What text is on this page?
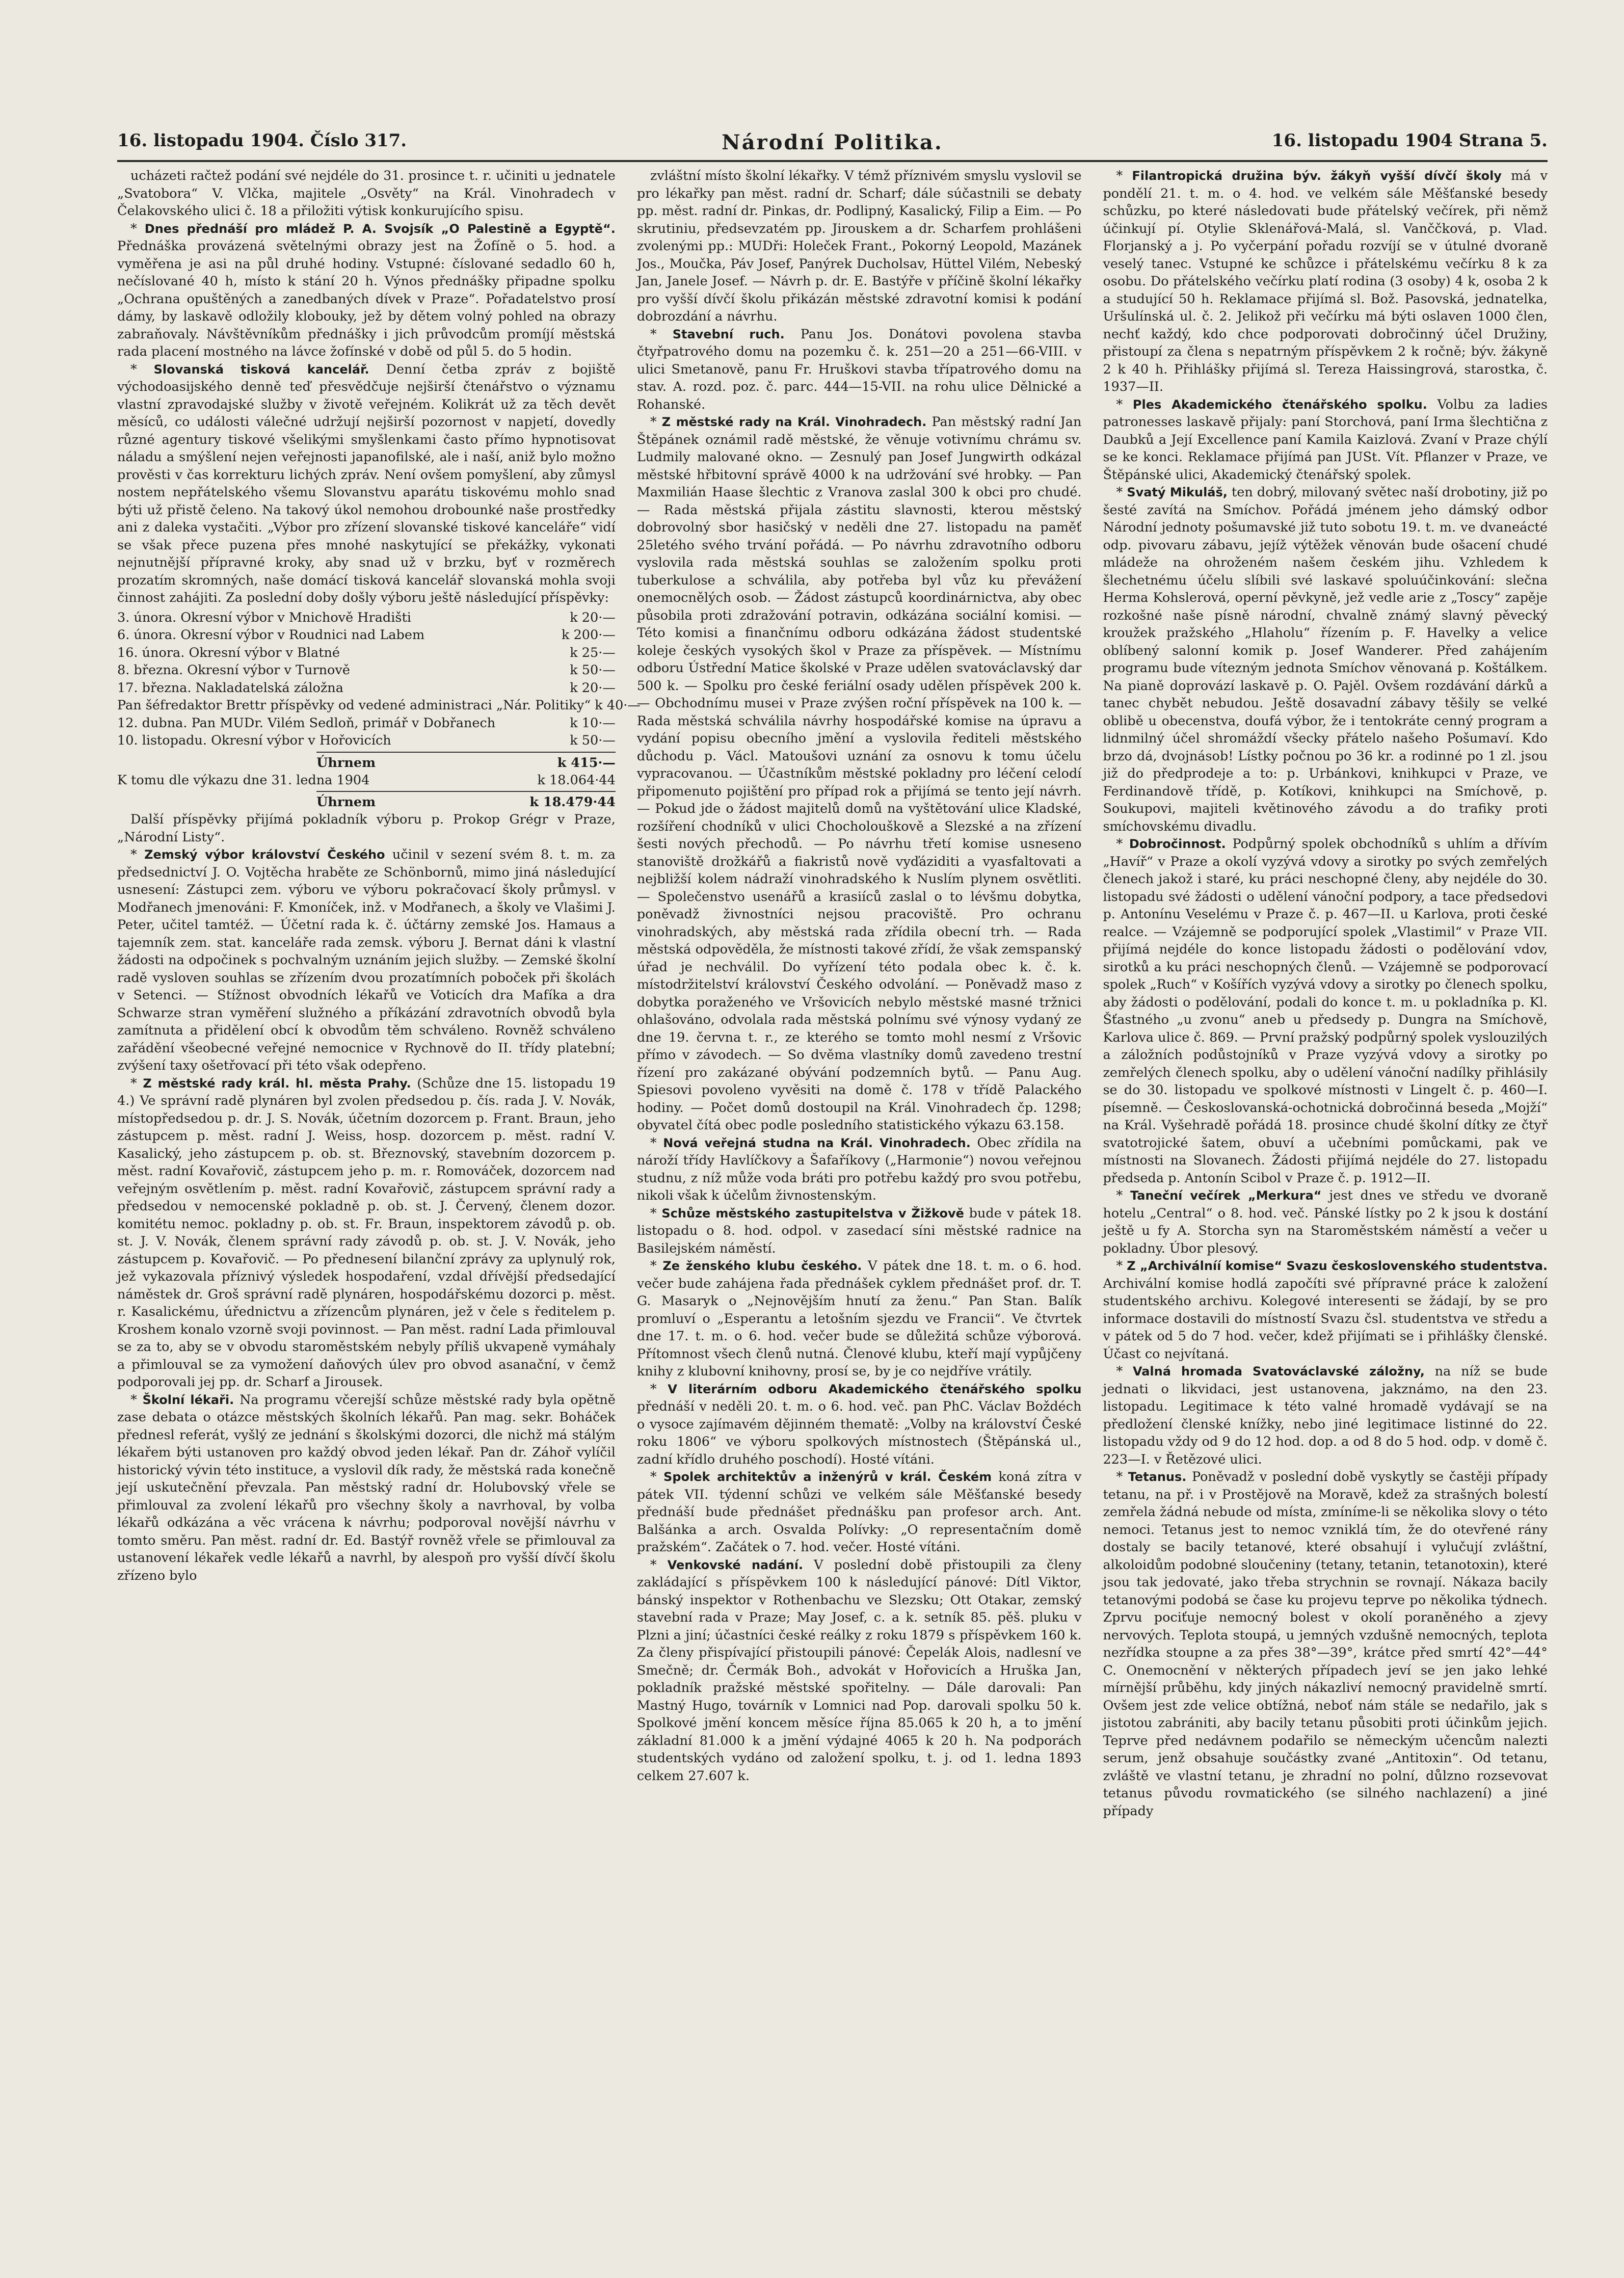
16. listopadu 1904. Číslo 317.	Národní Politika.	16. listopadu 1904 Strana 5.

ucházeti račtež podání své nejdéle do 31. prosince t. r. učiniti u jednatele „Svatobora“ V. Vlčka, majitele „Osvěty“ na Král. Vinohradech v Čelakovského ulici č. 18 a přiložiti výtisk konkurujícího spisu.

* Dnes přednáší pro mládež P. A. Svojsík „O Palestině a Egyptě“. Přednáška provázená světelnými obrazy jest na Žofíně o 5. hod. a vyměřena je asi na půl druhé hodiny. Vstupné: číslované sedadlo 60 h, nečíslované 40 h, místo k stání 20 h. Výnos přednášky připadne spolku „Ochrana opuštěných a zanedbaných dívek v Praze“. Pořadatelstvo prosí dámy, by laskavě odložily klobouky, jež by dětem volný pohled na obrazy zabraňovaly. Návštěvníkům přednášky i jich průvodcům promíjí městská rada placení mostného na lávce žofínské v době od půl 5. do 5 hodin.

* Slovanská tisková kancelář. Denní četba zpráv z bojiště východoasijského denně teď přesvědčuje nejširší čtenářstvo o významu vlastní zpravodajské služby v životě veřejném. Kolikrát už za těch devět měsíců, co události válečné udržují nejširší pozornost v napjetí, dovedly různé agentury tiskové všelikými smyšlenkami často přímo hypnotisovat náladu a smýšlení nejen veřejnosti japanofilské, ale i naší, aniž bylo možno prověsti v čas korrekturu lichých zpráv. Není ovšem pomyšlení, aby zůmysl nostem nepřátelského všemu Slovanstvu aparátu tiskovému mohlo snad býti už přistě čeleno. Na takový úkol nemohou drobounké naše prostředky ani z daleka vystačiti. „Výbor pro zřízení slovanské tiskové kanceláře“ vidí se však přece puzena přes mnohé naskytující se překážky, vykonati nejnutnější přípravné kroky, aby snad už v brzku, byť v rozměrech prozatím skromných, naše domácí tisková kancelář slovanská mohla svoji činnost zahájiti. Za poslední doby došly výboru ještě následující příspěvky:

3. února. Okresní výbor v Mnichově Hradišti	k 20·—
6. února. Okresní výbor v Roudnici nad Labem	k 200·—
16. února. Okresní výbor v Blatné	k 25·—
8. března. Okresní výbor v Turnově	k 50·—
17. března. Nakladatelská záložna	k 20·—
Pan šéfredaktor Brettr příspěvky od vedené administraci „Nár. Politiky“ k 40·—
12. dubna. Pan MUDr. Vilém Sedloň, primář v Dobřanech	k 10·—
10. listopadu. Okresní výbor v Hořovicích	k 50·—
Úhrnem	k 415·—
K tomu dle výkazu dne 31. ledna 1904	k 18.064·44
Úhrnem	k 18.479·44

Další příspěvky přijímá pokladník výboru p. Prokop Grégr v Praze, „Národní Listy“.

* Zemský výbor království Českého učinil v sezení svém 8. t. m. za předsednictví J. O. Vojtěcha hraběte ze Schönbornů, mimo jiná následující usnesení: Zástupci zem. výboru ve výboru pokračovací školy průmysl. v Modřanech jmenováni: F. Kmoníček, inž. v Modřanech, a školy ve Vlašimi J. Peter, učitel tamtéž. — Účetní rada k. č. účtárny zemské Jos. Hamaus a tajemník zem. stat. kanceláře rada zemsk. výboru J. Bernat dáni k vlastní žádosti na odpočinek s pochvalným uznáním jejich služby. — Zemské školní radě vysloven souhlas se zřízením dvou prozatímních poboček při školách v Setenci. — Stížnost obvodních lékařů ve Voticích dra Mafíka a dra Schwarze stran vyměření služného a příkázání zdravotních obvodů byla zamítnuta a přidělení obcí k obvodům těm schváleno. Rovněž schváleno zařádění všeobecné veřejné nemocnice v Rychnově do II. třídy platební; zvýšení taxy ošetřovací při této však odepřeno.

* Z městské rady král. hl. města Prahy. (Schůze dne 15. listopadu 19 4.) Ve správní radě plynáren byl zvolen předsedou p. čís. rada J. V. Novák, místopředsedou p. dr. J. S. Novák, účetním dozorcem p. Frant. Braun, jeho zástupcem p. měst. radní J. Weiss, hosp. dozorcem p. měst. radní V. Kasalický, jeho zástupcem p. ob. st. Březnovský, stavebním dozorcem p. měst. radní Kovařovič, zástupcem jeho p. m. r. Romováček, dozorcem nad veřejným osvětlením p. měst. radní Kovařovič, zástupcem správní rady a předsedou v nemocenské pokladně p. ob. st. J. Červený, členem dozor. komitétu nemoc. pokladny p. ob. st. Fr. Braun, inspektorem závodů p. ob. st. J. V. Novák, členem správní rady závodů p. ob. st. J. V. Novák, jeho zástupcem p. Kovařovič. — Po přednesení bilanční zprávy za uplynulý rok, jež vykazovala příznivý výsledek hospodaření, vzdal dřívější předsedající náměstek dr. Groš správní radě plynáren, hospodářskému dozorci p. měst. r. Kasalickému, úřednictvu a zřízencům plynáren, jež v čele s ředitelem p. Kroshem konalo vzorně svoji povinnost. — Pan měst. radní Lada přimlouval se za to, aby se v obvodu staroměstském nebyly příliš ukvapeně vymáhaly a přimlouval se za vymožení daňových úlev pro obvod asanační, v čemž podporovali jej pp. dr. Scharf a Jirousek.

* Školní lékaři. Na programu včerejší schůze městské rady byla opětně zase debata o otázce městských školních lékařů. Pan mag. sekr. Boháček přednesl referát, vyšlý ze jednání s školskými dozorci, dle nichž má stálým lékařem býti ustanoven pro každý obvod jeden lékař. Pan dr. Záhoř vylíčil historický vývin této instituce, a vyslovil dík rady, že městská rada konečně její uskutečnění převzala. Pan městský radní dr. Holubovský vřele se přimlouval za zvolení lékařů pro všechny školy a navrhoval, by volba lékařů odkázána a věc vrácena k návrhu; podporoval novější návrhu v tomto směru. Pan měst. radní dr. Ed. Bastýř rovněž vřele se přimlouval za ustanovení lékařek vedle lékařů a navrhl, by alespoň pro vyšší dívčí školu zřízeno bylo

zvláštní místo školní lékařky. V témž příznivém smyslu vyslovil se pro lékařky pan měst. radní dr. Scharf; dále súčastnili se debaty pp. měst. radní dr. Pinkas, dr. Podlipný, Kasalický, Filip a Eim. — Po skrutiniu, předsevzatém pp. Jirouskem a dr. Scharfem prohlášeni zvolenými pp.: MUDři: Holeček Frant., Pokorný Leopold, Mazánek Jos., Moučka, Páv Josef, Panýrek Ducholsav, Hüttel Vilém, Nebeský Jan, Janele Josef. — Návrh p. dr. E. Bastýře v příčině školní lékařky pro vyšší dívčí školu přikázán městské zdravotní komisi k podání dobrozdání a návrhu.

* Stavební ruch. Panu Jos. Donátovi povolena stavba čtyřpatrového domu na pozemku č. k. 251—20 a 251—66-VIII. v ulici Smetanově, panu Fr. Hruškovi stavba třípatrového domu na stav. A. rozd. poz. č. parc. 444—15-VII. na rohu ulice Dělnické a Rohanské.

* Z městské rady na Král. Vinohradech. Pan městský radní Jan Štěpánek oznámil radě městské, že věnuje votivnímu chrámu sv. Ludmily malované okno. — Zesnulý pan Josef Jungwirth odkázal městské hřbitovní správě 4000 k na udržování své hrobky. — Pan Maxmilián Haase šlechtic z Vranova zaslal 300 k obci pro chudé. — Rada městská přijala zástitu slavnosti, kterou městský dobrovolný sbor hasičský v neděli dne 27. listopadu na paměť 25letého svého trvání pořádá. — Po návrhu zdravotního odboru vyslovila rada městská souhlas se založením spolku proti tuberkulose a schválila, aby potřeba byl vůz ku převážení onemocnělých osob. — Žádost zástupců koordinárnictva, aby obec působila proti zdražování potravin, odkázána sociální komisi. — Této komisi a finančnímu odboru odkázána žádost studentské koleje českých vysokých škol v Praze za příspěvek. — Místnímu odboru Ústřední Matice školské v Praze udělen svatováclavský dar 500 k. — Spolku pro české feriální osady udělen příspěvek 200 k. — Obchodnímu musei v Praze zvýšen roční příspěvek na 100 k. — Rada městská schválila návrhy hospodářské komise na úpravu a vydání popisu obecního jmění a vyslovila řediteli městského důchodu p. Václ. Matoušovi uznání za osnovu k tomu účelu vypracovanou. — Účastníkům městské pokladny pro léčení celodí připomenuto pojištění pro případ rok a přijímá se tento její návrh. — Pokud jde o žádost majitelů domů na vyštětování ulice Kladské, rozšíření chodníků v ulici Chocholouškově a Slezské a na zřízení šesti nových přechodů. — Po návrhu třetí komise usneseno stanoviště drožkářů a fiakristů nově vyďáziditi a vyasfaltovati a nejbližší kolem nádraží vinohradského k Nuslím plynem osvětliti. — Společenstvo usenářů a krasiíců zaslal o to lévšmu dobytka, poněvadž živnostníci nejsou pracoviště. Pro ochranu vinohradských, aby městská rada zřídila obecní trh. — Rada městská odpověděla, že místnosti takové zřídí, že však zemspanský úřad je nechválil. Do vyřízení této podala obec k. č. k. místodržitelství království Českého odvolání. — Poněvadž maso z dobytka poraženého ve Vršovicích nebylo městské masné tržnici ohlašováno, odvolala rada městská polnímu své výnosy vydaný ze dne 19. června t. r., ze kterého se tomto mohl nesmí z Vršovic přímo v závodech. — So dvěma vlastníky domů zavedeno trestní řízení pro zakázané obývání podzemních bytů. — Panu Aug. Spiesovi povoleno vyvěsiti na domě č. 178 v třídě Palackého hodiny. — Počet domů dostoupil na Král. Vinohradech čp. 1298; obyvatel čítá obec podle posledního statistického výkazu 63.158.

* Nová veřejná studna na Král. Vinohradech. Obec zřídila na nároží třídy Havlíčkovy a Šafaříkovy („Harmonie“) novou veřejnou studnu, z níž může voda bráti pro potřebu každý pro svou potřebu, nikoli však k účelům živnostenským.

* Schůze městského zastupitelstva v Žižkově bude v pátek 18. listopadu o 8. hod. odpol. v zasedací síni městské radnice na Basilejském náměstí.

* Ze ženského klubu českého. V pátek dne 18. t. m. o 6. hod. večer bude zahájena řada přednášek cyklem přednášet prof. dr. T. G. Masaryk o „Nejnovějším hnutí za ženu.“ Pan Stan. Balík promluví o „Esperantu a letošním sjezdu ve Francii“. Ve čtvrtek dne 17. t. m. o 6. hod. večer bude se důležitá schůze výborová. Přítomnost všech členů nutná. Členové klubu, kteří mají vypůjčeny knihy z klubovní knihovny, prosí se, by je co nejdříve vrátily.

* V literárním odboru Akademického čtenářského spolku přednáší v neděli 20. t. m. o 6. hod. več. pan PhC. Václav Boždéch o vysoce zajímavém dějinném thematě: „Volby na království České roku 1806“ ve výboru spolkových místnostech (Štěpánská ul., zadní křídlo druhého poschodí). Hosté vítáni.

* Spolek architektův a inženýrů v král. Českém koná zítra v pátek VII. týdenní schůzi ve velkém sále Měšťanské besedy přednáší bude přednášet přednášku pan profesor arch. Ant. Balšánka a arch. Osvalda Polívky: „O representačním domě pražském“. Začátek o 7. hod. večer. Hosté vítáni.

* Venkovské nadání. V poslední době přistoupili za členy zakládající s příspěvkem 100 k následující pánové: Dítl Viktor, bánský inspektor v Rothenbachu ve Slezsku; Ott Otakar, zemský stavební rada v Praze; May Josef, c. a k. setník 85. pěš. pluku v Plzni a jiní; účastníci české reálky z roku 1879 s příspěvkem 160 k. Za členy přispívající přistoupili pánové: Čepelák Alois, nadlesní ve Smečně; dr. Čermák Boh., advokát v Hořovicích a Hruška Jan, pokladník pražské městské spořitelny. — Dále darovali: Pan Mastný Hugo, továrník v Lomnici nad Pop. darovali spolku 50 k. Spolkové jmění koncem měsíce října 85.065 k 20 h, a to jmění základní 81.000 k a jmění výdajné 4065 k 20 h. Na podporách studentských vydáno od založení spolku, t. j. od 1. ledna 1893 celkem 27.607 k.

* Filantropická družina býv. žákyň vyšší dívčí školy má v pondělí 21. t. m. o 4. hod. ve velkém sále Měšťanské besedy schůzku, po které následovati bude přátelský večírek, při němž účinkují pí. Otylie Sklenářová-Malá, sl. Vanččková, p. Vlad. Florjanský a j. Po vyčerpání pořadu rozvíjí se v útulné dvoraně veselý tanec. Vstupné ke schůzce i přátelskému večírku 8 k za osobu. Do přátelského večírku platí rodina (3 osoby) 4 k, osoba 2 k a studující 50 h. Reklamace přijímá sl. Bož. Pasovská, jednatelka, Uršulínská ul. č. 2. Jelikož při večírku má býti oslaven 1000 člen, nechť každý, kdo chce podporovati dobročinný účel Družiny, přistoupí za člena s nepatrným příspěvkem 2 k ročně; býv. žákyně 2 k 40 h. Přihlášky přijímá sl. Tereza Haissingrová, starostka, č. 1937—II.

* Ples Akademického čtenářského spolku. Volbu za ladies patronesses laskavě přijaly: paní Storchová, paní Irma šlechtična z Daubků a Její Excellence paní Kamila Kaizlová. Zvaní v Praze chýlí se ke konci. Reklamace přijímá pan JUSt. Vít. Pflanzer v Praze, ve Štěpánské ulici, Akademický čtenářský spolek.

* Svatý Mikuláš, ten dobrý, milovaný světec naší drobotiny, již po šesté zavítá na Smíchov. Pořádá jménem jeho dámský odbor Národní jednoty pošumavské již tuto sobotu 19. t. m. ve dvaneácté odp. pivovaru zábavu, jejíž výtěžek věnován bude ošacení chudé mládeže na ohroženém našem českém jihu. Vzhledem k šlechetnému účelu slíbili své laskavé spoluúčinkování: slečna Herma Kohslerová, operní pěvkyně, jež vedle arie z „Toscy“ zapěje rozkošné naše písně národní, chvalně známý slavný pěvecký kroužek pražského „Hlaholu“ řízením p. F. Havelky a velice oblíbený salonní komik p. Josef Wanderer. Před zahájením programu bude vítezným jednota Smíchov věnovaná p. Koštálkem. Na pianě doprovází laskavě p. O. Pajěl. Ovšem rozdávání dárků a tanec chybět nebudou. Ještě dosavadní zábavy těšily se velké oblibě u obecenstva, doufá výbor, že i tentokráte cenný program a lidnmilný účel shromáždí všecky přátelo našeho Pošumaví. Kdo brzo dá, dvojnásob! Lístky počnou po 36 kr. a rodinné po 1 zl. jsou již do předprodeje a to: p. Urbánkovi, knihkupci v Praze, ve Ferdinandově třídě, p. Kotíkovi, knihkupci na Smíchově, p. Soukupovi, majiteli květinového závodu a do trafiky proti smíchovskému divadlu.

* Dobročinnost. Podpůrný spolek obchodníků s uhlím a dřívím „Havíř“ v Praze a okolí vyzývá vdovy a sirotky po svých zemřelých členech jakož i staré, ku práci neschopné členy, aby nejdéle do 30. listopadu své žádosti o udělení vánoční podpory, a tace předsedovi p. Antonínu Veselému v Praze č. p. 467—II. u Karlova, proti české realce. — Vzájemně se podporující spolek „Vlastimil“ v Praze VII. přijímá nejdéle do konce listopadu žádosti o podělování vdov, sirotků a ku práci neschopných členů. — Vzájemně se podporovací spolek „Ruch“ v Košířích vyzývá vdovy a sirotky po členech spolku, aby žádosti o podělování, podali do konce t. m. u pokladníka p. Kl. Šťastného „u zvonu“ aneb u předsedy p. Dungra na Smíchově, Karlova ulice č. 869. — První pražský podpůrný spolek vyslouzilých a záložních podůstojníků v Praze vyzývá vdovy a sirotky po zemřelých členech spolku, aby o udělení vánoční nadílky přihlásily se do 30. listopadu ve spolkové místnosti v Lingelt č. p. 460—I. písemně. — Českoslovanská-ochotnická dobročinná beseda „Mojží“ na Král. Vyšehradě pořádá 18. prosince chudé školní dítky ze čtyř svatotrojické šatem, obuví a učebními pomůckami, pak ve místnosti na Slovanech. Žádosti přijímá nejdéle do 27. listopadu předseda p. Antonín Scibol v Praze č. p. 1912—II.

* Taneční večírek „Merkura“ jest dnes ve středu ve dvoraně hotelu „Central“ o 8. hod. več. Pánské lístky po 2 k jsou k dostání ještě u fy A. Storcha syn na Staroměstském náměstí a večer u pokladny. Úbor plesový.

* Z „Archiválníí komise“ Svazu československého studentstva. Archivální komise hodlá započíti své přípravné práce k založení studentského archivu. Kolegové interesenti se žádají, by se pro informace dostavili do místností Svazu čsl. studentstva ve středu a v pátek od 5 do 7 hod. večer, kdež přijímati se i přihlášky členské. Účast co nejvítaná.

* Valná hromada Svatováclavské záložny, na níž se bude jednati o likvidaci, jest ustanovena, jakznámo, na den 23. listopadu. Legitimace k této valné hromadě vydávají se na předložení členské knížky, nebo jiné legitimace listinné do 22. listopadu vždy od 9 do 12 hod. dop. a od 8 do 5 hod. odp. v domě č. 223—I. v Řetězové ulici.

* Tetanus. Poněvadž v poslední době vyskytly se častěji případy tetanu, na př. i v Prostějově na Moravě, kdež za strašných bolestí zemřela žádná nebude od místa, zmíníme-li se několika slovy o této nemoci. Tetanus jest to nemoc vzniklá tím, že do otevřené rány dostaly se bacily tetanové, které obsahují i vylučují zvláštní, alkoloidům podobné sloučeniny (tetany, tetanin, tetanotoxin), které jsou tak jedovaté, jako třeba strychnin se rovnají. Nákaza bacily tetanovými podobá se čase ku projevu teprve po několika týdnech. Zprvu pociťuje nemocný bolest v okolí poraněného a zjevy nervových. Teplota stoupá, u jemných vzdušně nemocných, teplota nezřídka stoupne a za přes 38°—39°, krátce před smrtí 42°—44° C. Onemocnění v některých případech jeví se jen jako lehké mírnější průběhu, kdy jiných nákazliví nemocný pravidelně smrtí. Ovšem jest zde velice obtížná, neboť nám stále se nedařilo, jak s jistotou zabrániti, aby bacily tetanu působiti proti účinkům jejich. Teprve před nedávnem podařilo se německým učencům nalezti serum, jenž obsahuje součástky zvané „Antitoxin“. Od tetanu, zvláště ve vlastní tetanu, je zhradní no polní, důlzno rozsevovat tetanus původu rovmatického (se silného nachlazení) a jiné případy
